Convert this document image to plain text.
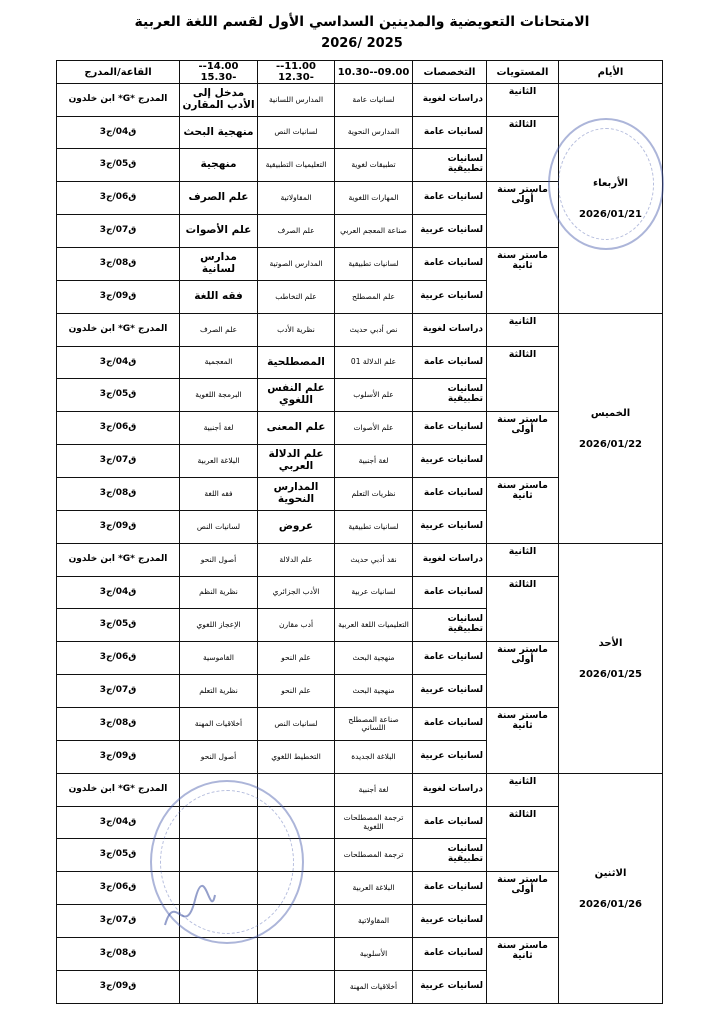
الامتحانات التعويضية والمدينين السداسي الأول لقسم اللغة العربية
2026/ 2025
الأيام	المستويات	التخصصات	09.00--10.30	11.00---12.30	14.00---15.30	القاعة/المدرج
الأربعاء
2026/01/21	الثانية	دراسات لغوية	لسانيات عامة	المدارس اللسانية	مدخل إلى الأدب المقارن	المدرج *G* ابن خلدون
	الثالثة	لسانيات عامة	المدارس النحوية	لسانيات النص	منهجية البحث	ق04/ج3
		لسانيات تطبيقية	تطبيقات لغوية	التعليميات التطبيقية	منهجية	ق05/ج3
	ماستر سنة أولى	لسانيات عامة	المهارات اللغوية	المقاولاتية	علم الصرف	ق06/ج3
		لسانيات عربية	صناعة المعجم العربي	علم الصرف	علم الأصوات	ق07/ج3
	ماستر سنة ثانية	لسانيات عامة	لسانيات تطبيقية	المدارس الصوتية	مدارس لسانية	ق08/ج3
		لسانيات عربية	علم المصطلح	علم التخاطب	فقه اللغة	ق09/ج3
الخميس
2026/01/22	الثانية	دراسات لغوية	نص أدبي حديث	نظرية الأدب	علم الصرف	المدرج *G* ابن خلدون
	الثالثة	لسانيات عامة	علم الدلالة 01	المصطلحية	المعجمية	ق04/ج3
		لسانيات تطبيقية	علم الأسلوب	علم النفس اللغوي	البرمجة اللغوية	ق05/ج3
	ماستر سنة أولى	لسانيات عامة	علم الأصوات	علم المعنى	لغة أجنبية	ق06/ج3
		لسانيات عربية	لغة أجنبية	علم الدلالة العربي	البلاغة العربية	ق07/ج3
	ماستر سنة ثانية	لسانيات عامة	نظريات التعلم	المدارس النحوية	فقه اللغة	ق08/ج3
		لسانيات عربية	لسانيات تطبيقية	عروض	لسانيات النص	ق09/ج3
الأحد
2026/01/25	الثانية	دراسات لغوية	نقد أدبي حديث	علم الدلالة	أصول النحو	المدرج *G* ابن خلدون
	الثالثة	لسانيات عامة	لسانيات عربية	الأدب الجزائري	نظرية النظم	ق04/ج3
		لسانيات تطبيقية	التعليميات اللغة العربية	أدب مقارن	الإعجاز اللغوي	ق05/ج3
	ماستر سنة أولى	لسانيات عامة	منهجية البحث	علم النحو	القاموسية	ق06/ج3
		لسانيات عربية	منهجية البحث	علم النحو	نظرية التعلم	ق07/ج3
	ماستر سنة ثانية	لسانيات عامة	صناعة المصطلح اللساني	لسانيات النص	أخلاقيات المهنة	ق08/ج3
		لسانيات عربية	البلاغة الجديدة	التخطيط اللغوي	أصول النحو	ق09/ج3
الاثنين
2026/01/26	الثانية	دراسات لغوية	لغة أجنبية			المدرج *G* ابن خلدون
	الثالثة	لسانيات عامة	ترجمة المصطلحات اللغوية			ق04/ج3
		لسانيات تطبيقية	ترجمة المصطلحات			ق05/ج3
	ماستر سنة أولى	لسانيات عامة	البلاغة العربية			ق06/ج3
		لسانيات عربية	المقاولاتية			ق07/ج3
	ماستر سنة ثانية	لسانيات عامة	الأسلوبية			ق08/ج3
		لسانيات عربية	أخلاقيات المهنة			ق09/ج3
